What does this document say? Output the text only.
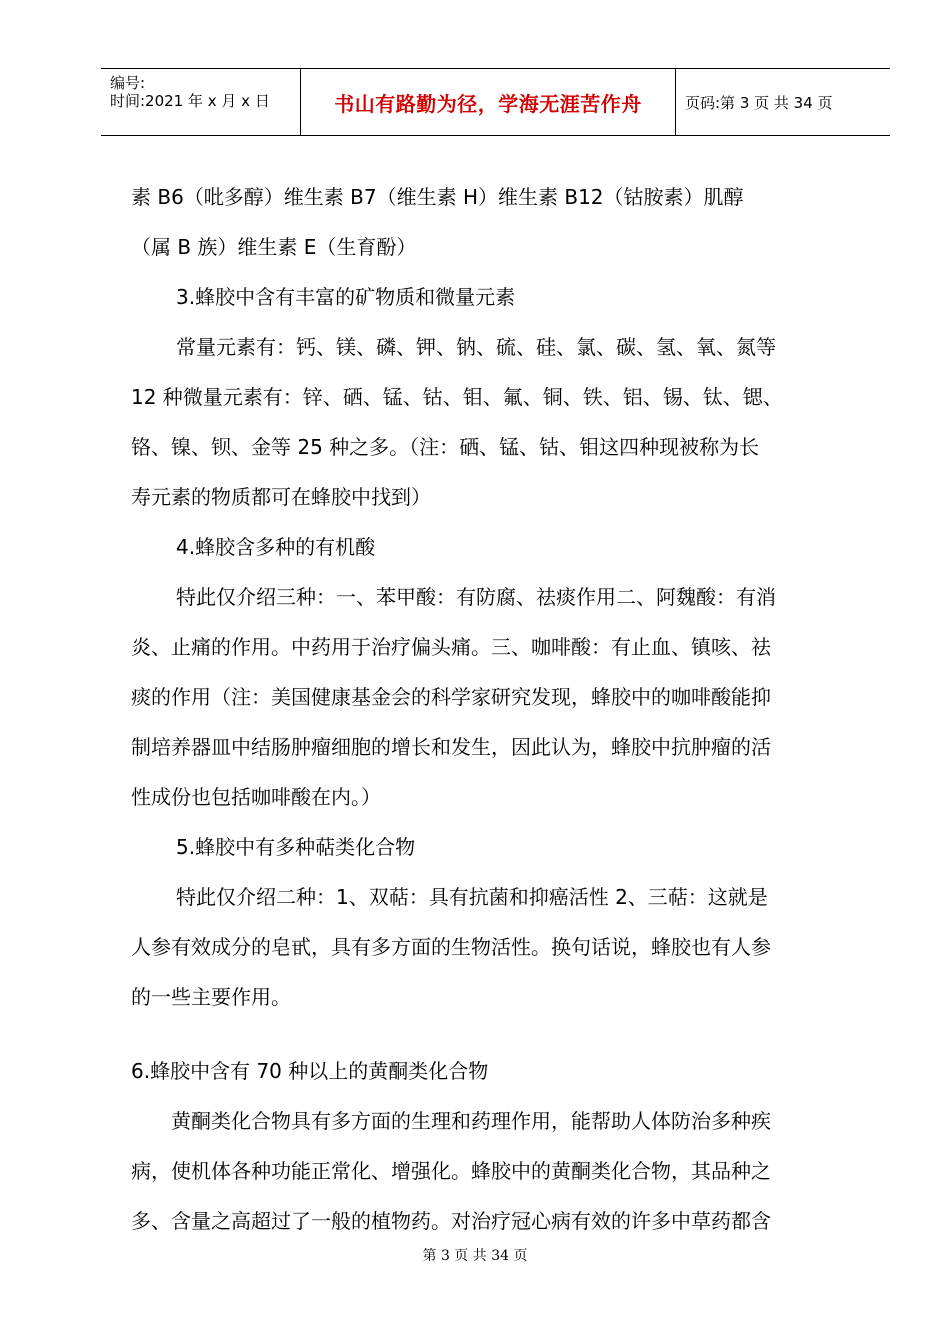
编号:
时间:2021 年 x 月 x 日	书山有路勤为径，学海无涯苦作舟	页码:第 3 页 共 34 页

素 B6（吡多醇）维生素 B7（维生素 H）维生素 B12（钴胺素）肌醇

（属 B 族）维生素 E（生育酚）

3.蜂胶中含有丰富的矿物质和微量元素

常量元素有：钙、镁、磷、钾、钠、硫、硅、氯、碳、氢、氧、氮等

12 种微量元素有：锌、硒、锰、钴、钼、氟、铜、铁、铝、锡、钛、锶、

铬、镍、钡、金等 25 种之多。（注：硒、锰、钴、钼这四种现被称为长

寿元素的物质都可在蜂胶中找到）

4.蜂胶含多种的有机酸

特此仅介绍三种：一、苯甲酸：有防腐、祛痰作用二、阿魏酸：有消

炎、止痛的作用。中药用于治疗偏头痛。三、咖啡酸：有止血、镇咳、祛

痰的作用（注：美国健康基金会的科学家研究发现，蜂胶中的咖啡酸能抑

制培养器皿中结肠肿瘤细胞的增长和发生，因此认为，蜂胶中抗肿瘤的活

性成份也包括咖啡酸在内。）

5.蜂胶中有多种萜类化合物

特此仅介绍二种：1、双萜：具有抗菌和抑癌活性 2、三萜：这就是

人参有效成分的皂甙，具有多方面的生物活性。换句话说，蜂胶也有人参

的一些主要作用。

6.蜂胶中含有 70 种以上的黄酮类化合物

黄酮类化合物具有多方面的生理和药理作用，能帮助人体防治多种疾

病，使机体各种功能正常化、增强化。蜂胶中的黄酮类化合物，其品种之

多、含量之高超过了一般的植物药。对治疗冠心病有效的许多中草药都含

第 3 页 共 34 页
